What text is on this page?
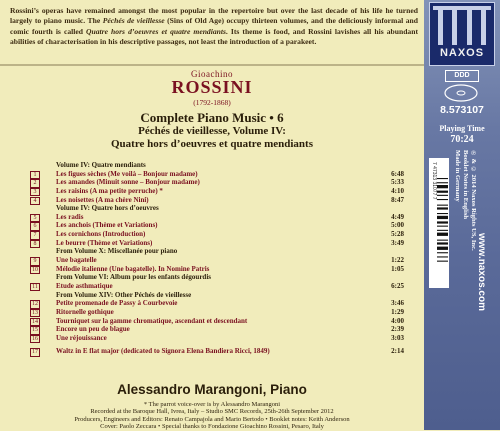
Rossini’s operas have remained amongst the most popular in the repertoire but over the last decade of his life he turned largely to piano music. The Péchés de vieillesse (Sins of Old Age) occupy thirteen volumes, and the deliciously informal and comic fourth is called Quatre hors d’oeuvres et quatre mendiants. Its theme is food, and Rossini lavishes all his abundant abilities of characterisation in his descriptive passages, not least the introduction of a parakeet.
Gioachino
ROSSINI
(1792-1868)
Complete Piano Music • 6
Péchés de vieillesse, Volume IV:
Quatre hors d’oeuvres et quatre mendiants
Volume IV: Quatre mendiants
1	Les figues sèches (Me voilà – Bonjour madame)	6:48
2	Les amandes (Minuit sonne – Bonjour madame)	5:33
3	Les raisins (A ma petite perruche) *	4:10
4	Les noisettes (A ma chère Nini)	8:47
Volume IV: Quatre hors d’oeuvres
5	Les radis	4:49
6	Les anchois (Thème et Variations)	5:00
7	Les cornichons (Introduction)	5:28
8	Le beurre (Thème et Variations)	3:49
From Volume X: Miscellanée pour piano
9	Une bagatelle	1:22
10	Mélodie italienne (Une bagatelle). In Nomine Patris	1:05
From Volume VI: Album pour les enfants dégourdis
11	Etude asthmatique	6:25
From Volume XIV: Other Péchés de vieillesse
12	Petite promenade de Passy à Courbevoie	3:46
13	Ritornelle gothique	1:29
14	Tourniquet sur la gamme chromatique, ascendant et descendant	4:00
15	Encore un peu de blague	2:39
16	Une réjouissance	3:03
17	Waltz in E flat major (dedicated to Signora Elena Bandiera Ricci, 1849)	2:14
Alessandro Marangoni, Piano
* The parrot voice-over is by Alessandro Marangoni
Recorded at the Baroque Hall, Ivrea, Italy – Studio SMC Records, 25th-26th September 2012
Producers, Engineers and Editors: Renato Campajola and Mario Bertodo • Booklet notes: Keith Anderson
Cover: Paolo Zeccara • Special thanks to Fondazione Gioachino Rossini, Pesaro, Italy
NAXOS
DDD
8.573107
Playing Time
70:24
7 47313 31077 7	℗ & © 2014 Naxos Rights US, Inc.
Booklet Notes in English
Made in Germany
www.naxos.com
